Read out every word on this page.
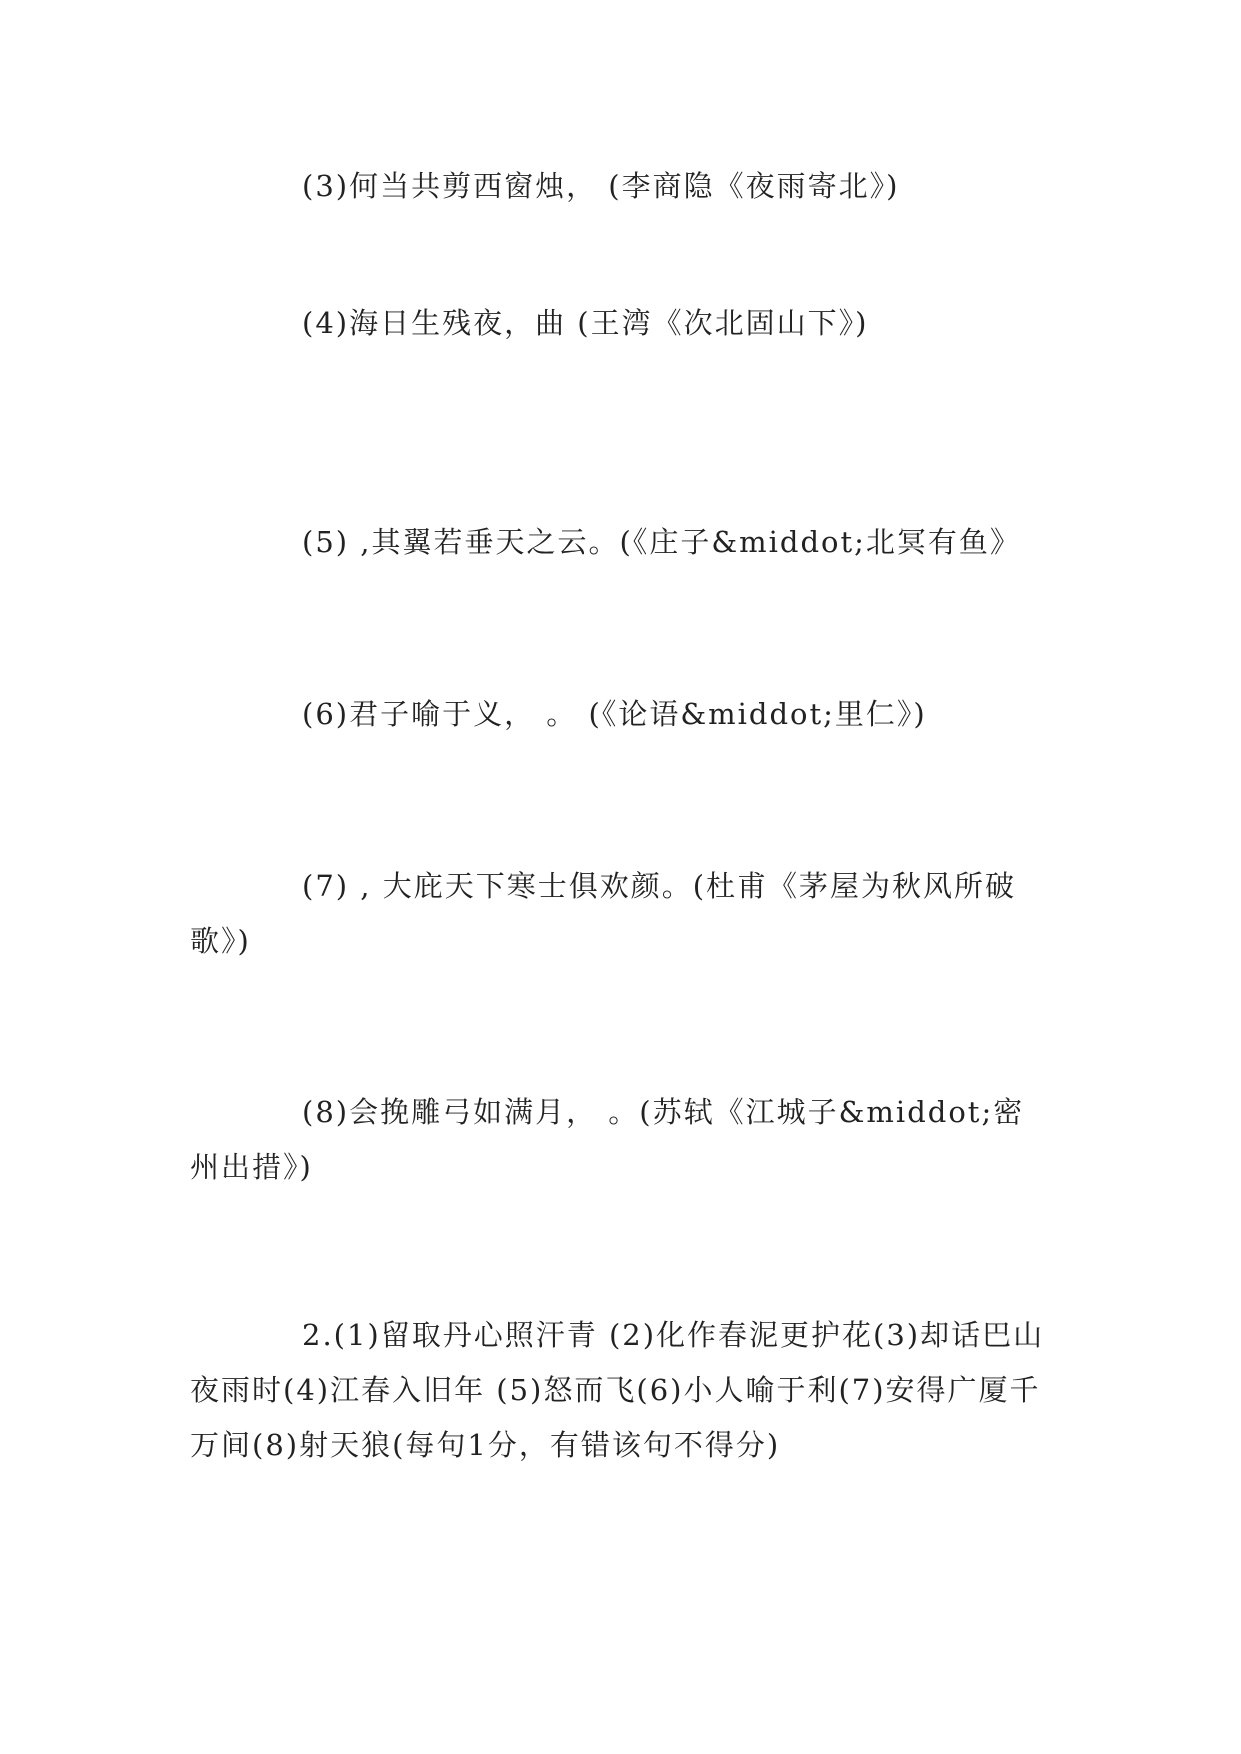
(3)何当共剪西窗烛， (李商隐《夜雨寄北》)

(4)海日生残夜，曲 (王湾《次北固山下》)

(5) ,其翼若垂天之云。(《庄子&middot;北冥有鱼》

(6)君子喻于义， 。 (《论语&middot;里仁》)

(7) , 大庇天下寒士俱欢颜。(杜甫《茅屋为秋风所破歌》)

(8)会挽雕弓如满月， 。(苏轼《江城子&middot;密州出措》)

2.(1)留取丹心照汗青 (2)化作春泥更护花(3)却话巴山夜雨时(4)江春入旧年 (5)怒而飞(6)小人喻于利(7)安得广厦千万间(8)射天狼(每句1分，有错该句不得分)
